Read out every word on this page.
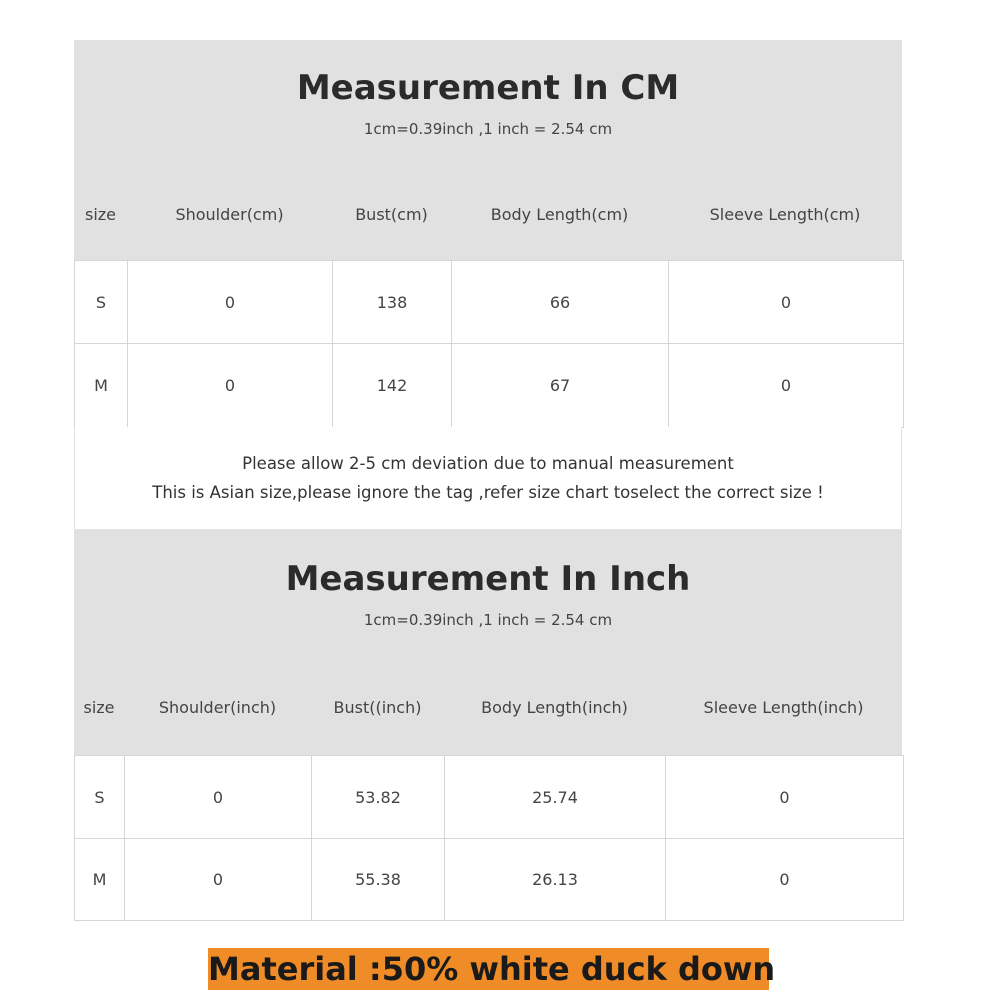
Measurement In CM
1cm=0.39inch ,1 inch = 2.54 cm
size	Shoulder(cm)	Bust(cm)	Body Length(cm)	Sleeve Length(cm)
S	0	138	66	0
M	0	142	67	0
Please allow 2-5 cm deviation due to manual measurement
This is Asian size,please ignore the tag ,refer size chart toselect the correct size !
Measurement In Inch
1cm=0.39inch ,1 inch = 2.54 cm
size	Shoulder(inch)	Bust((inch)	Body Length(inch)	Sleeve Length(inch)
S	0	53.82	25.74	0
M	0	55.38	26.13	0
Material :50% white duck down
